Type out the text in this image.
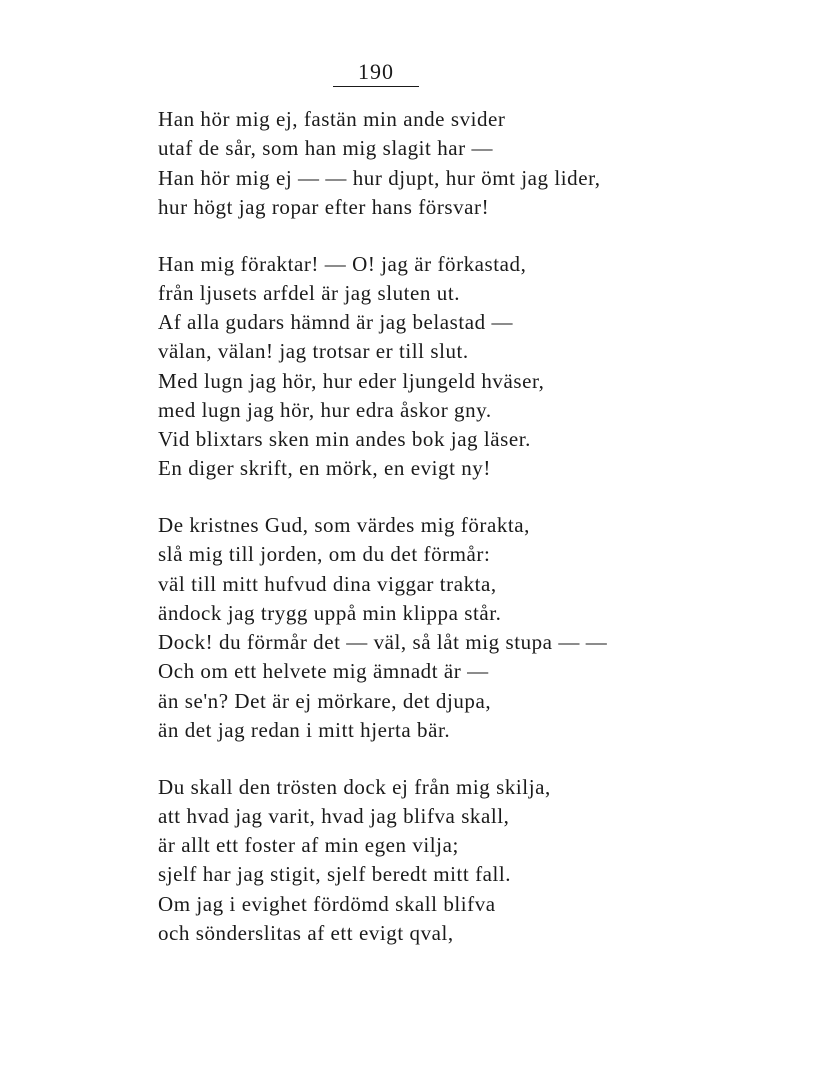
190
Han hör mig ej, fastän min ande svider
utaf de sår, som han mig slagit har —
Han hör mig ej — — hur djupt, hur ömt jag lider,
hur högt jag ropar efter hans försvar!
Han mig föraktar! — O! jag är förkastad,
från ljusets arfdel är jag sluten ut.
Af alla gudars hämnd är jag belastad —
välan, välan! jag trotsar er till slut.
Med lugn jag hör, hur eder ljungeld hväser,
med lugn jag hör, hur edra åskor gny.
Vid blixtars sken min andes bok jag läser.
En diger skrift, en mörk, en evigt ny!
De kristnes Gud, som värdes mig förakta,
slå mig till jorden, om du det förmår:
väl till mitt hufvud dina viggar trakta,
ändock jag trygg uppå min klippa står.
Dock! du förmår det — väl, så låt mig stupa — —
Och om ett helvete mig ämnadt är —
än se'n? Det är ej mörkare, det djupa,
än det jag redan i mitt hjerta bär.
Du skall den trösten dock ej från mig skilja,
att hvad jag varit, hvad jag blifva skall,
är allt ett foster af min egen vilja;
sjelf har jag stigit, sjelf beredt mitt fall.
Om jag i evighet fördömd skall blifva
och sönderslitas af ett evigt qval,
